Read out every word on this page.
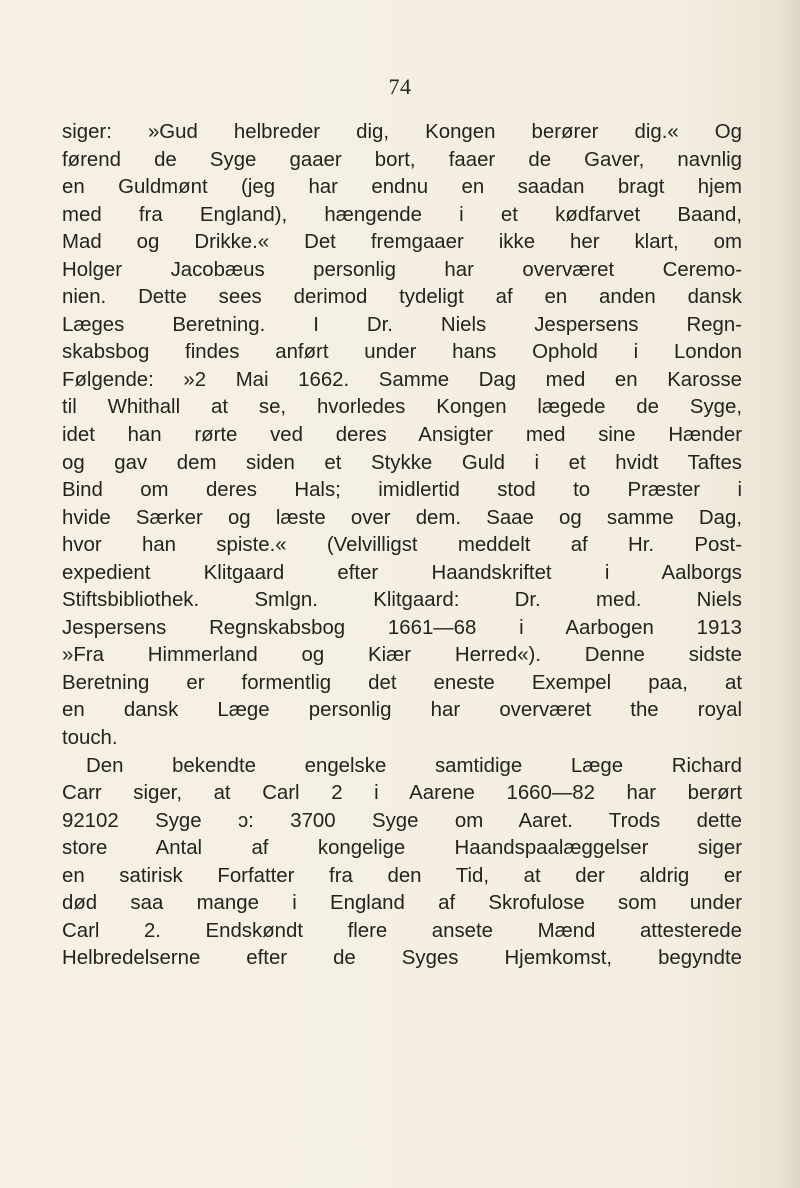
74
siger: »Gud helbreder dig, Kongen berører dig.« Og
førend de Syge gaaer bort, faaer de Gaver, navnlig
en Guldmønt (jeg har endnu en saadan bragt hjem
med fra England), hængende i et kødfarvet Baand,
Mad og Drikke.« Det fremgaaer ikke her klart, om
Holger Jacobæus personlig har overværet Ceremo-
nien. Dette sees derimod tydeligt af en anden dansk
Læges Beretning. I Dr. Niels Jespersens Regn-
skabsbog findes anført under hans Ophold i London
Følgende: »2 Mai 1662. Samme Dag med en Karosse
til Whithall at se, hvorledes Kongen lægede de Syge,
idet han rørte ved deres Ansigter med sine Hænder
og gav dem siden et Stykke Guld i et hvidt Taftes
Bind om deres Hals; imidlertid stod to Præster i
hvide Særker og læste over dem. Saae og samme Dag,
hvor han spiste.« (Velvilligst meddelt af Hr. Post-
expedient Klitgaard efter Haandskriftet i Aalborgs
Stiftsbibliothek. Smlgn. Klitgaard: Dr. med. Niels
Jespersens Regnskabsbog 1661—68 i Aarbogen 1913
»Fra Himmerland og Kiær Herred«). Denne sidste
Beretning er formentlig det eneste Exempel paa, at
en dansk Læge personlig har overværet the royal
touch.
Den bekendte engelske samtidige Læge Richard
Carr siger, at Carl 2 i Aarene 1660—82 har berørt
92102 Syge ɔ: 3700 Syge om Aaret. Trods dette
store Antal af kongelige Haandspaalæggelser siger
en satirisk Forfatter fra den Tid, at der aldrig er
død saa mange i England af Skrofulose som under
Carl 2. Endskøndt flere ansete Mænd attesterede
Helbredelserne efter de Syges Hjemkomst, begyndte
